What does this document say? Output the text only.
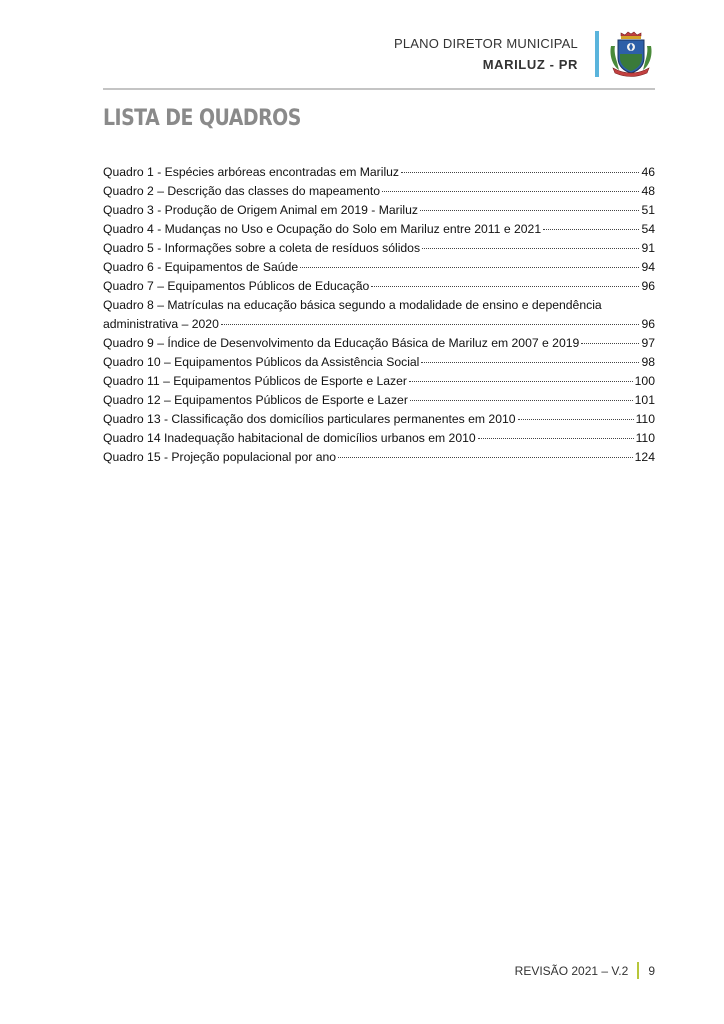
PLANO DIRETOR MUNICIPAL
MARILUZ - PR
LISTA DE QUADROS
Quadro 1 - Espécies arbóreas encontradas em Mariluz	46
Quadro 2 – Descrição das classes do mapeamento	48
Quadro 3 - Produção de Origem Animal em 2019 - Mariluz	51
Quadro 4 - Mudanças no Uso e Ocupação do Solo em Mariluz entre 2011 e 2021	54
Quadro 5 - Informações sobre a coleta de resíduos sólidos	91
Quadro 6 - Equipamentos de Saúde	94
Quadro 7 – Equipamentos Públicos de Educação	96
Quadro 8 – Matrículas na educação básica segundo a modalidade de ensino e dependência
administrativa – 2020	96
Quadro 9 – Índice de Desenvolvimento da Educação Básica de Mariluz em 2007 e 2019	97
Quadro 10 – Equipamentos Públicos da Assistência Social	98
Quadro 11 – Equipamentos Públicos de Esporte e Lazer	100
Quadro 12 – Equipamentos Públicos de Esporte e Lazer	101
Quadro 13 - Classificação dos domicílios particulares permanentes em 2010	110
Quadro 14 Inadequação habitacional de domicílios urbanos em 2010	110
Quadro 15 - Projeção populacional por ano	124
REVISÃO 2021 – V.2 9
